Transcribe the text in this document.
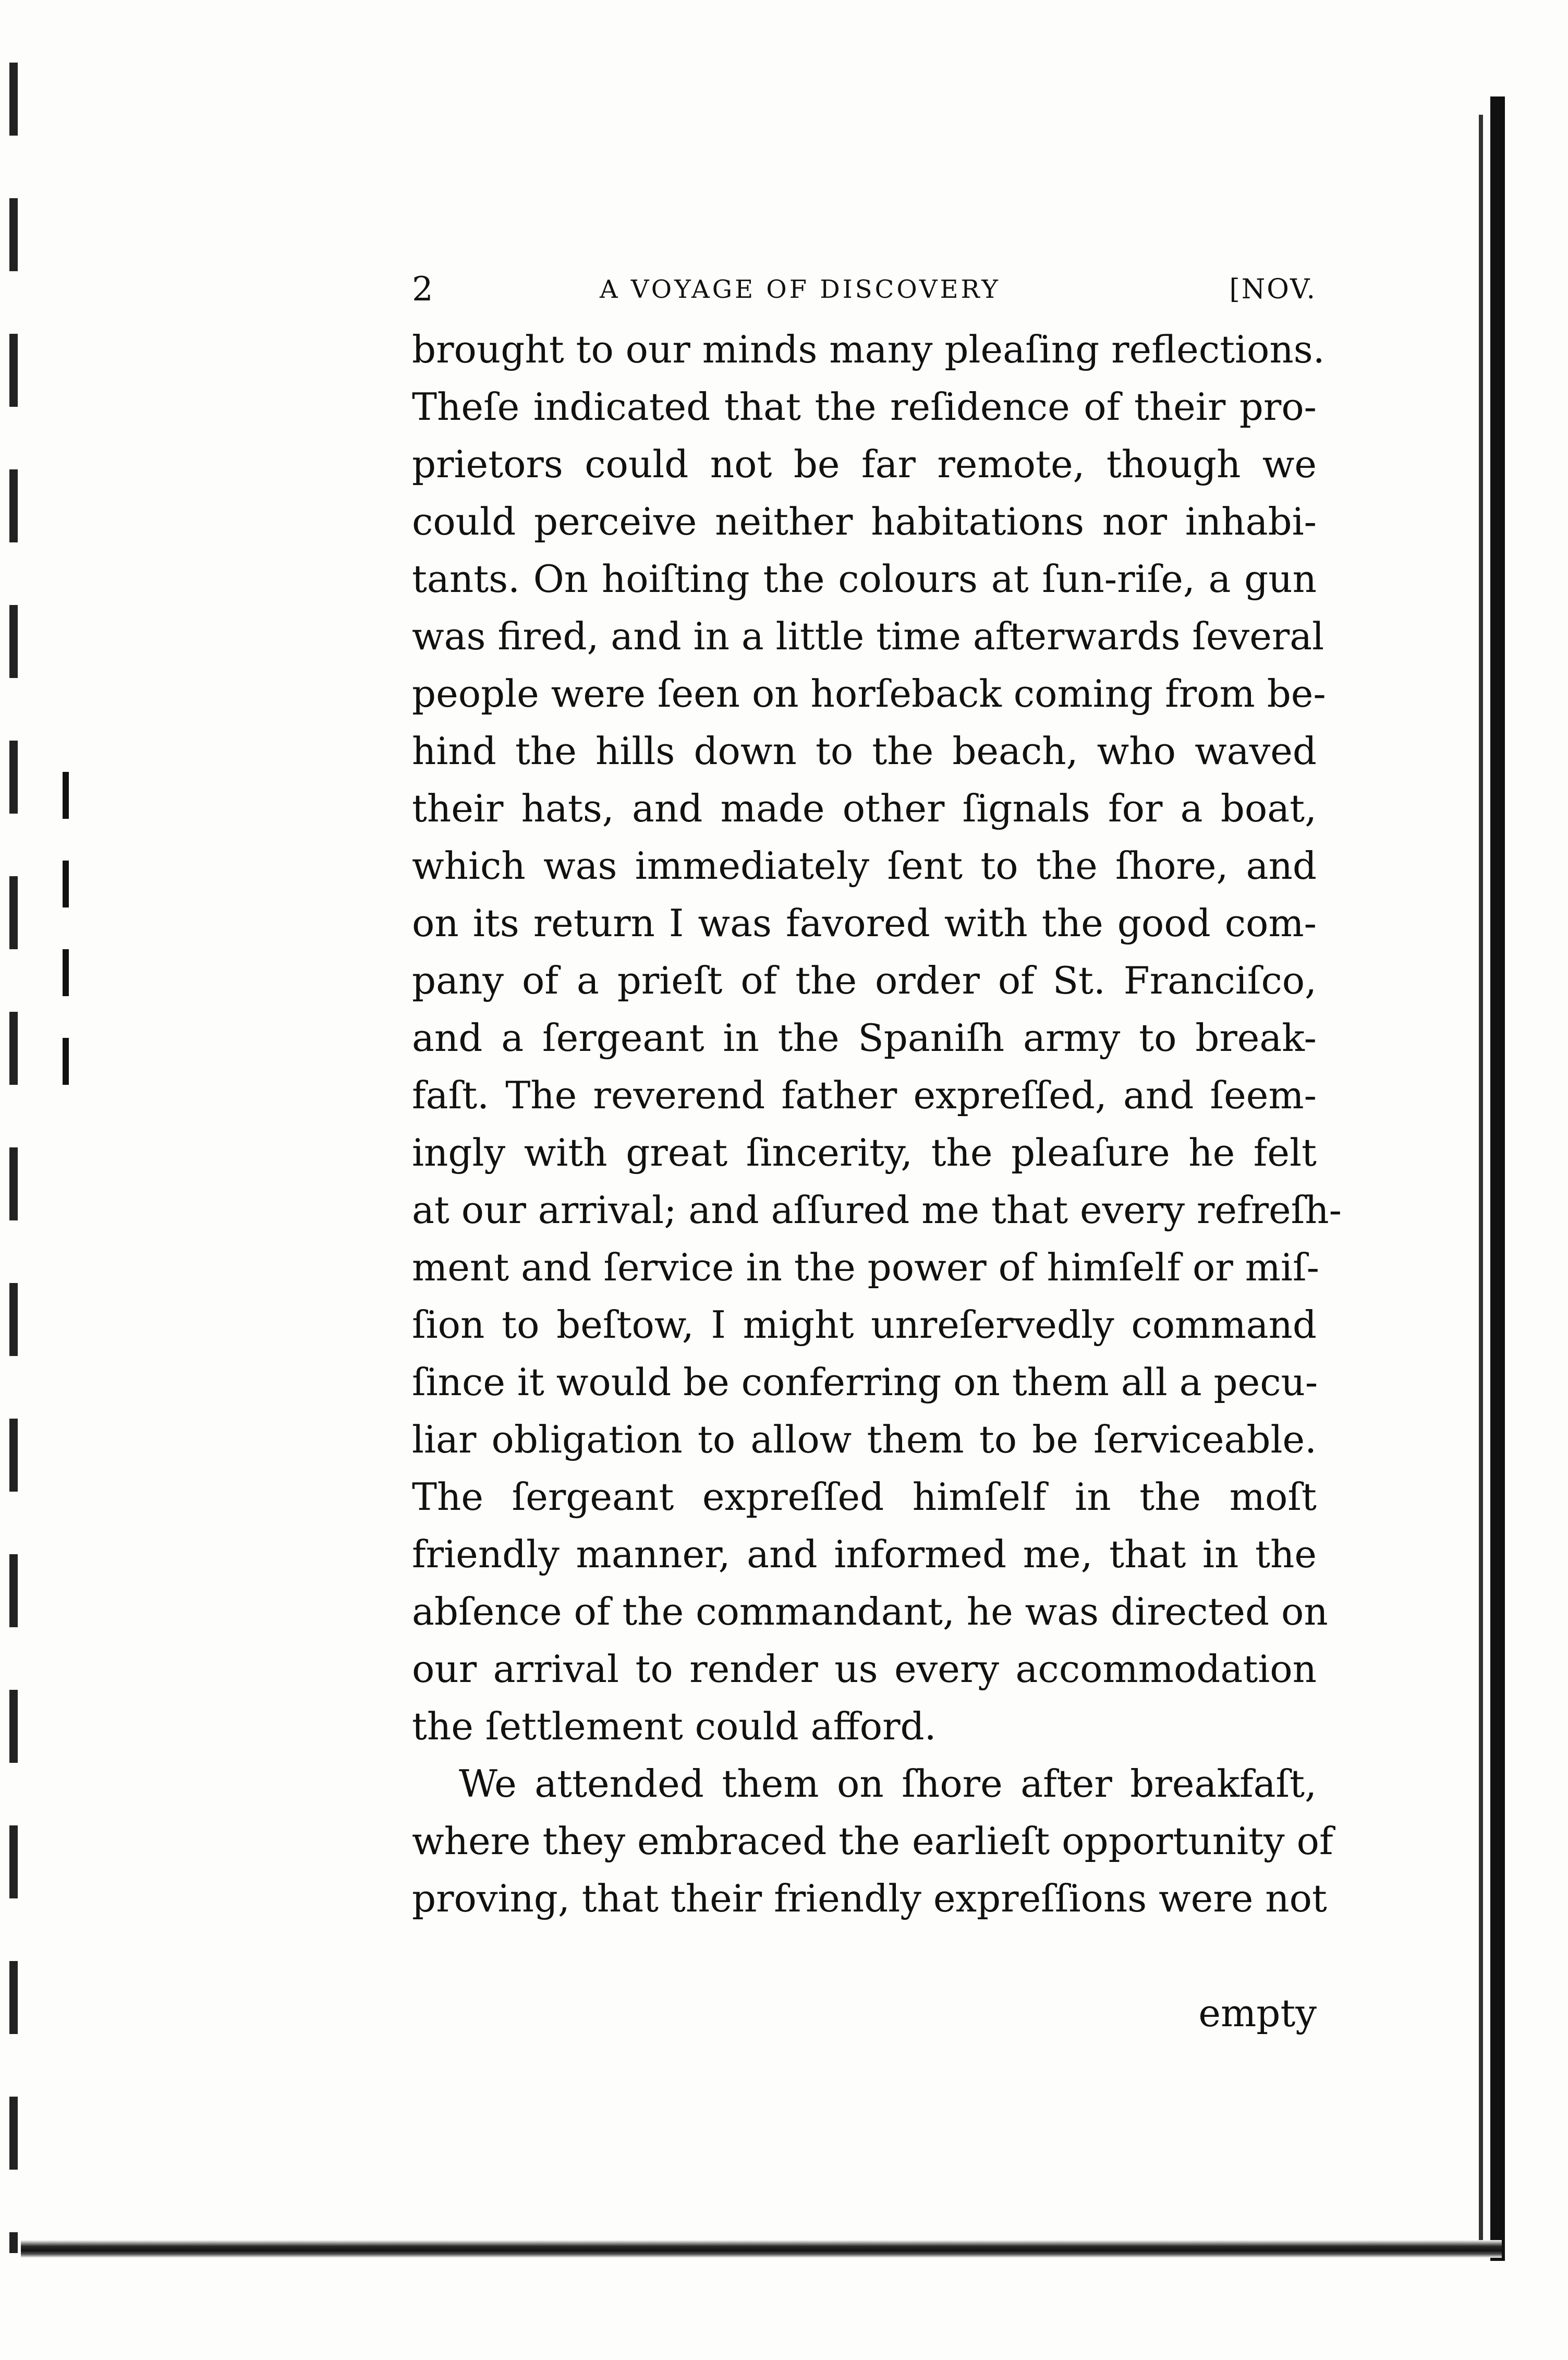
2	A VOYAGE OF DISCOVERY	[NOV.
brought to our minds many pleaſing reflections.
Theſe indicated that the reſidence of their pro-
prietors could not be far remote, though we
could perceive neither habitations nor inhabi-
tants. On hoiſting the colours at ſun-riſe, a gun
was fired, and in a little time afterwards ſeveral
people were ſeen on horſeback coming from be-
hind the hills down to the beach, who waved
their hats, and made other ſignals for a boat,
which was immediately ſent to the ſhore, and
on its return I was favored with the good com-
pany of a prieſt of the order of St. Franciſco,
and a ſergeant in the Spaniſh army to break-
faſt. The reverend father expreſſed, and ſeem-
ingly with great ſincerity, the pleaſure he felt
at our arrival; and aſſured me that every refreſh-
ment and ſervice in the power of himſelf or miſ-
ſion to beſtow, I might unreſervedly command
ſince it would be conferring on them all a pecu-
liar obligation to allow them to be ſerviceable.
The ſergeant expreſſed himſelf in the moſt
friendly manner, and informed me, that in the
abſence of the commandant, he was directed on
our arrival to render us every accommodation
the ſettlement could afford.
We attended them on ſhore after breakfaſt,
where they embraced the earlieſt opportunity of
proving, that their friendly expreſſions were not
empty
